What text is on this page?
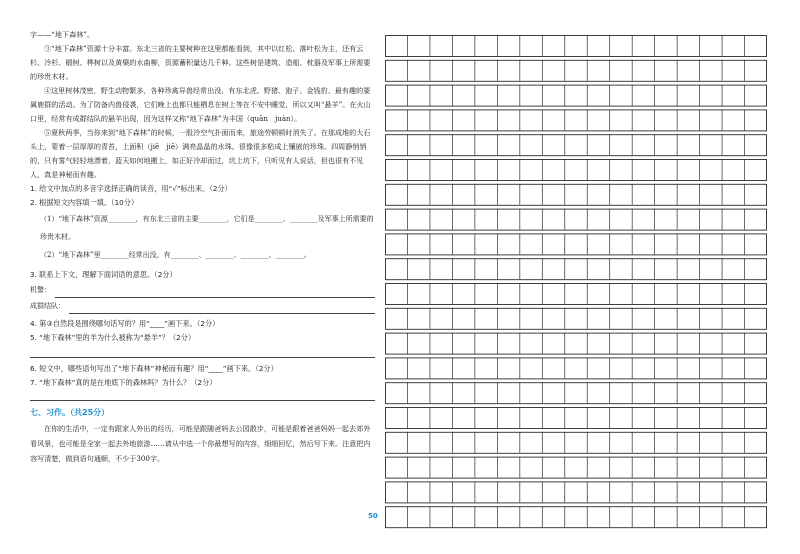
字——“地下森林”。

③“地下森林”资源十分丰富。东北三省的主要树种在这里都能看到，其中以红松、落叶松为主，还有云杉、冷杉、椴树、桦树以及黄檗的水曲柳，资源蓄积量达几千种。这些树是建筑、造船、枕器及军事上所需要的珍贵木材。

④这里树林茂密，野生动物繁多，各种珍禽异兽经常出没，有东北虎、野猪、狍子、金钱豹、最有趣的要属鹿群的活动。为了防备内兽侵袭，它们晚上也都只能栖息在树上等在不安中睡觉，所以又叫“悬羊”。在火山口里，经常有成群结队的悬羊出现，因为这样又称“地下森林”为丰国（quān　juàn）。

⑤夏秋两季，当你来到“地下森林”的时候，一股冷空气扑面而来，旅途劳顿顿时消失了。在那成堆的大石头上，蒙着一层厚厚的青苔，上面积（jiē　jiē）满亮晶晶的水珠。很像很多粘成上镶嵌的珍珠。四周静悄悄的，只有雾气轻轻地漂着，蓝天如何地搬上，如正好冷却而过，坑上坑下，只听见有人说话，但也很有不见人，真是神秘而有趣。

1. 给文中加点的多音字选择正确的读音，用“√”标出来。（2分）

2. 根据短文内容填一填。（10分）

（1）“地下森林”资源________，有东北三省的主要________，它们是________、________及军事上所需要的珍贵木材。

（2）“地下森林”里________经常出没，有________、________、________、________。

3. 联系上下文，理解下面词语的意思。（2分）

机警：
成群结队：

4. 第③自然段是围绕哪句话写的？用“____”画下来。（2分）

5. “地下森林”里的羊为什么被称为“悬羊”？（2分）

6. 短文中，哪些语句写出了“地下森林”神秘而有趣？用“____”画下来。（2分）

7. “地下森林”真的是在地底下的森林吗？为什么？（2分）

七、习作。（共25分）

在你的生活中，一定有跟家人外出的经历，可能是跟随爸妈去公园散步，可能是跟着爸爸妈妈一起去郊外看风景，也可能是全家一起去外地旅游……请从中选一个你最想写的内容，细细回忆，然后写下来。注意把内容写清楚，做到语句通顺，不少于300字。

50
